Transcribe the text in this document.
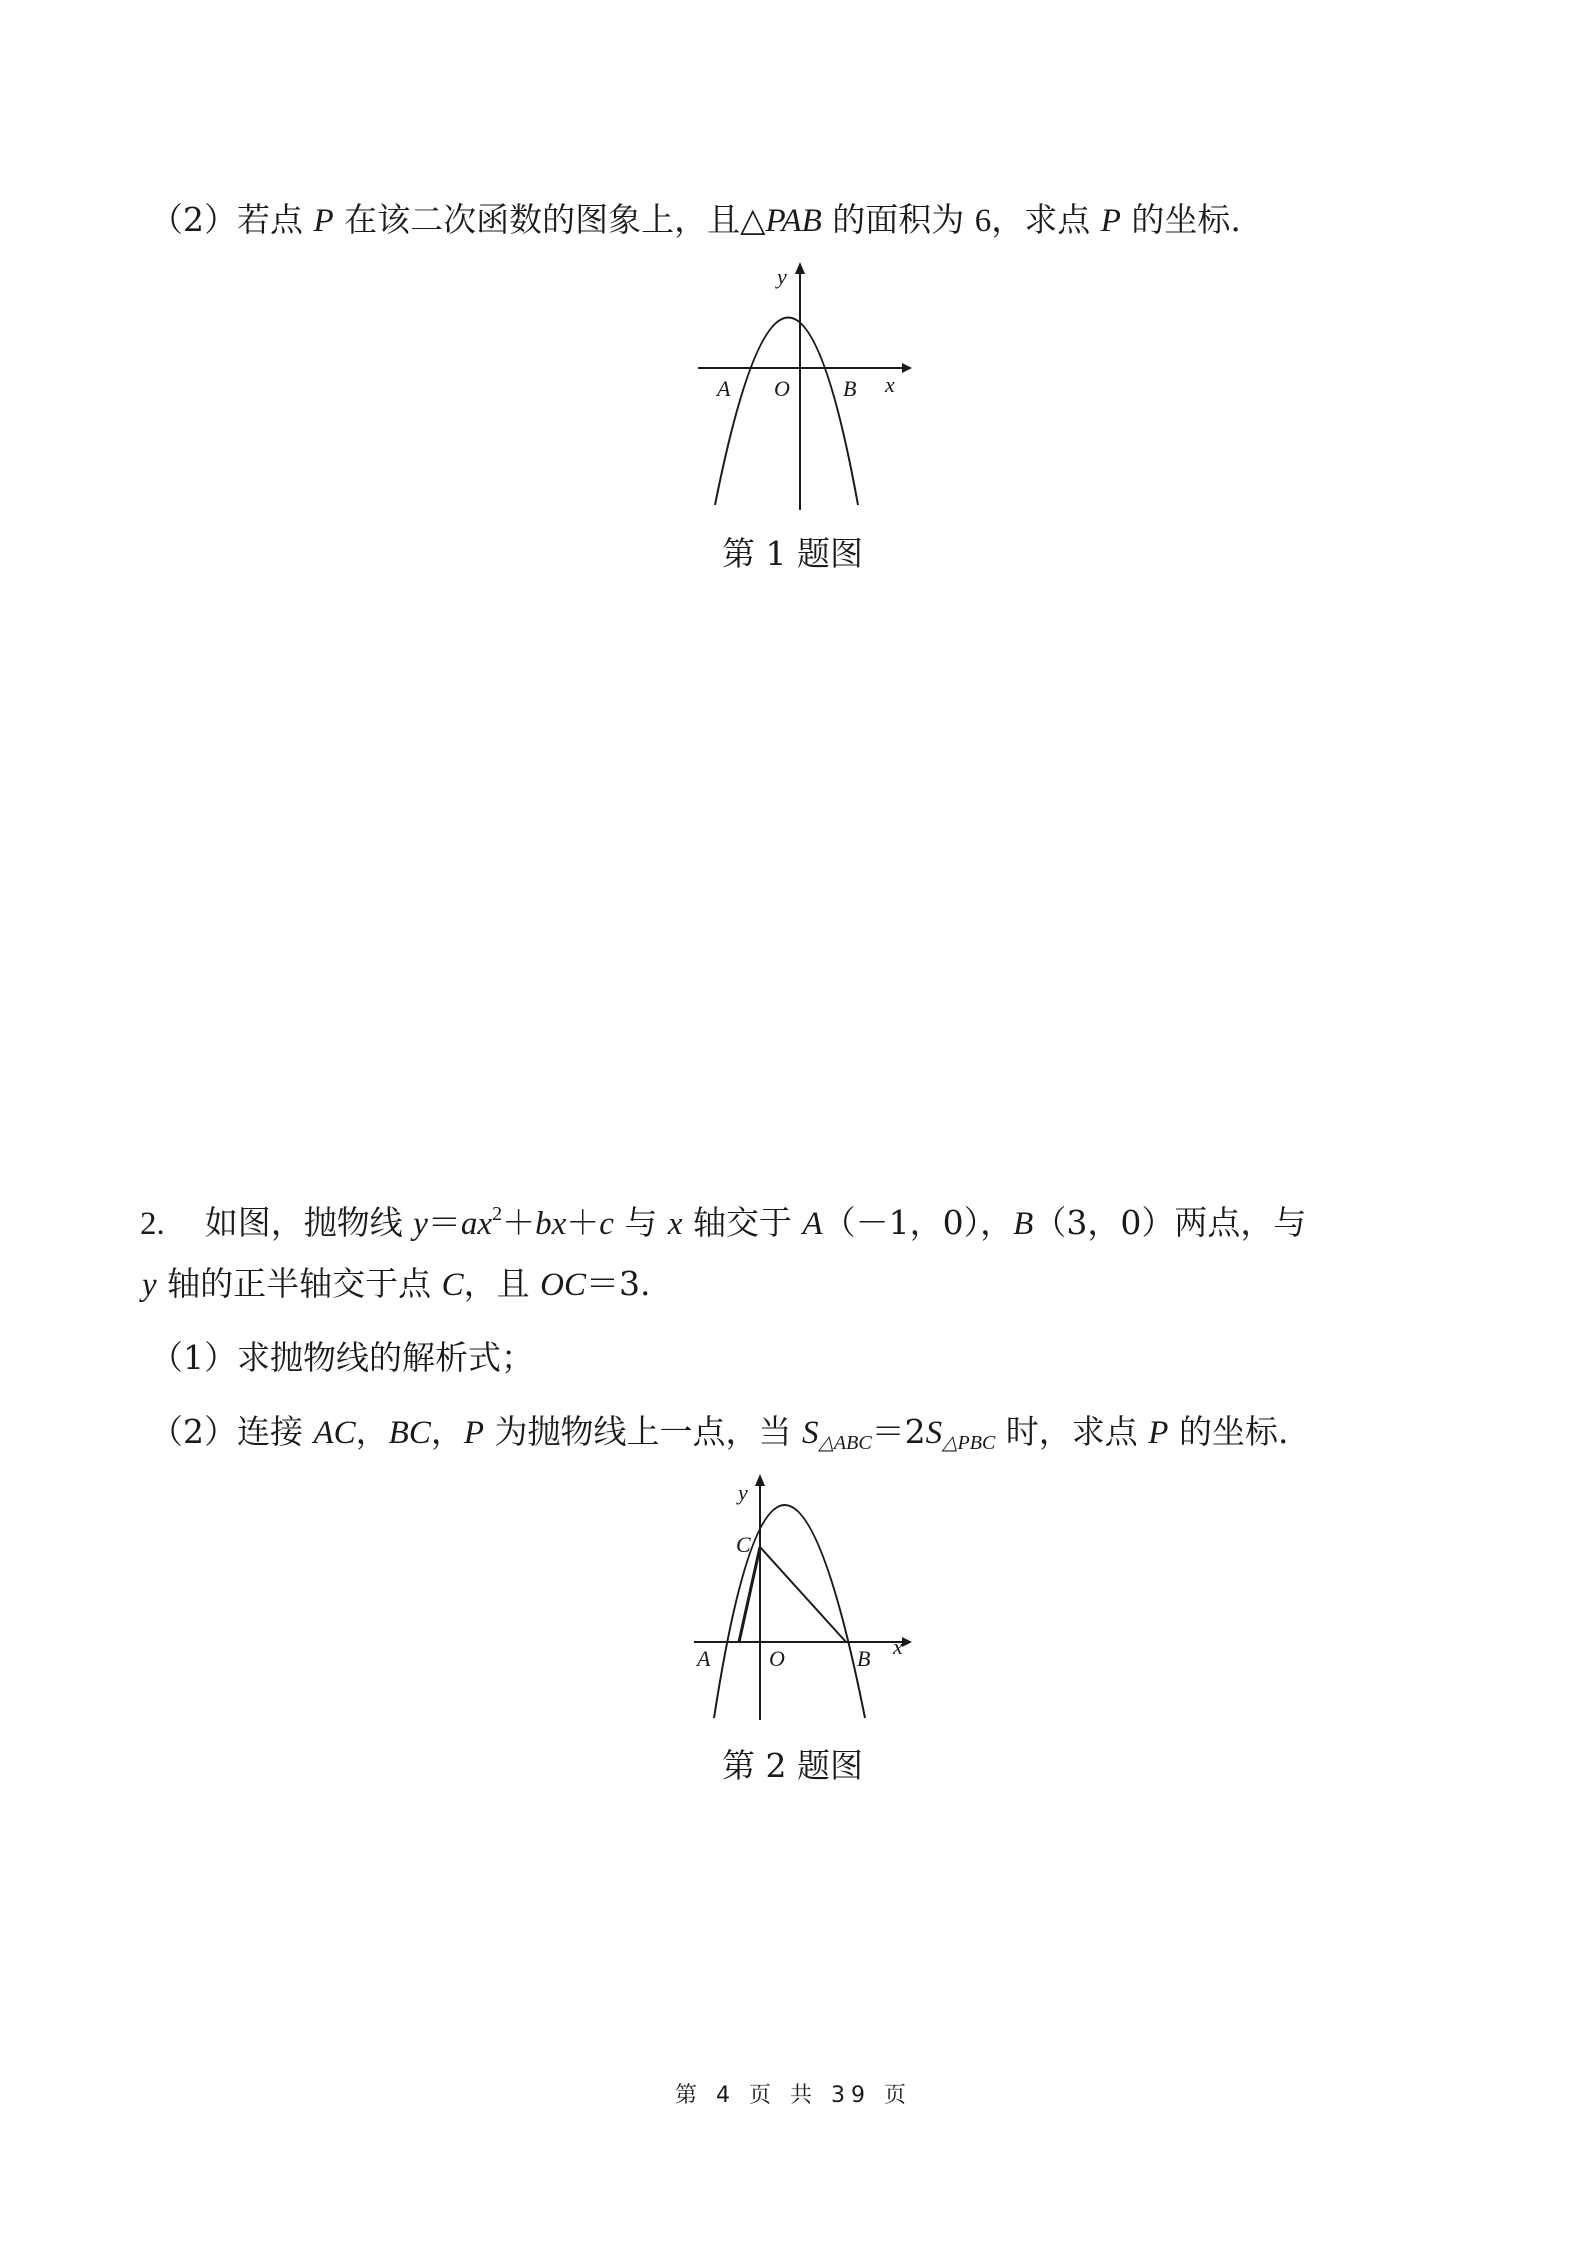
（2）若点 P 在该二次函数的图象上，且△PAB 的面积为 6，求点 P 的坐标.
y
x
A O B
第 1 题图
2. 如图，抛物线 $y=ax^2+bx+c$ 与 x 轴交于 A（－1，0），B（3，0）两点，与
y 轴的正半轴交于点 C，且 OC＝3.
（1）求抛物线的解析式；
（2）连接 AC，BC，P 为抛物线上一点，当 $S_{\triangle ABC}=2S_{\triangle PBC}$ 时，求点 P 的坐标.
y
C
x
A	O	B
第 2 题图
第 4 页 共 39 页
